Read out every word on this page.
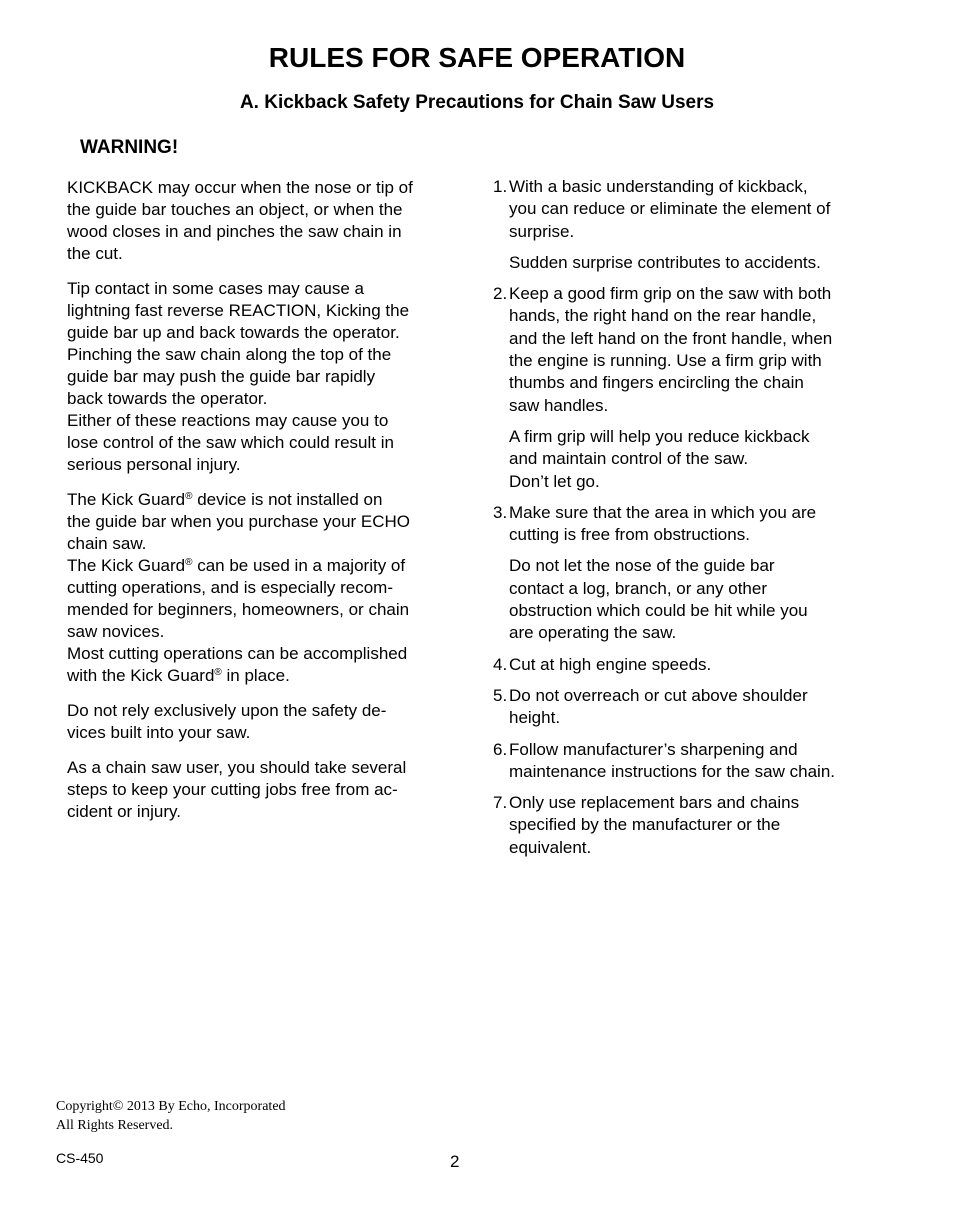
RULES FOR SAFE OPERATION
A. Kickback Safety Precautions for Chain Saw Users
WARNING!

KICKBACK may occur when the nose or tip of
the guide bar touches an object, or when the
wood closes in and pinches the saw chain in
the cut.

Tip contact in some cases may cause a
lightning fast reverse REACTION, Kicking the
guide bar up and back towards the operator.
Pinching the saw chain along the top of the
guide bar may push the guide bar rapidly
back towards the operator.
Either of these reactions may cause you to
lose control of the saw which could result in
serious personal injury.

The Kick Guard® device is not installed on
the guide bar when you purchase your ECHO
chain saw.
The Kick Guard® can be used in a majority of
cutting operations, and is especially recom-
mended for beginners, homeowners, or chain
saw novices.
Most cutting operations can be accomplished
with the Kick Guard® in place.

Do not rely exclusively upon the safety de-
vices built into your saw.

As a chain saw user, you should take several
steps to keep your cutting jobs free from ac-
cident or injury.

1. With a basic understanding of kickback,
you can reduce or eliminate the element of
surprise.

Sudden surprise contributes to accidents.

2. Keep a good firm grip on the saw with both
hands, the right hand on the rear handle,
and the left hand on the front handle, when
the engine is running. Use a firm grip with
thumbs and fingers encircling the chain
saw handles.

A firm grip will help you reduce kickback
and maintain control of the saw.
Don’t let go.

3. Make sure that the area in which you are
cutting is free from obstructions.

Do not let the nose of the guide bar
contact a log, branch, or any other
obstruction which could be hit while you
are operating the saw.

4. Cut at high engine speeds.

5. Do not overreach or cut above shoulder
height.

6. Follow manufacturer’s sharpening and
maintenance instructions for the saw chain.

7. Only use replacement bars and chains
specified by the manufacturer or the
equivalent.

Copyright© 2013 By Echo, Incorporated
All Rights Reserved.
CS-450	2
